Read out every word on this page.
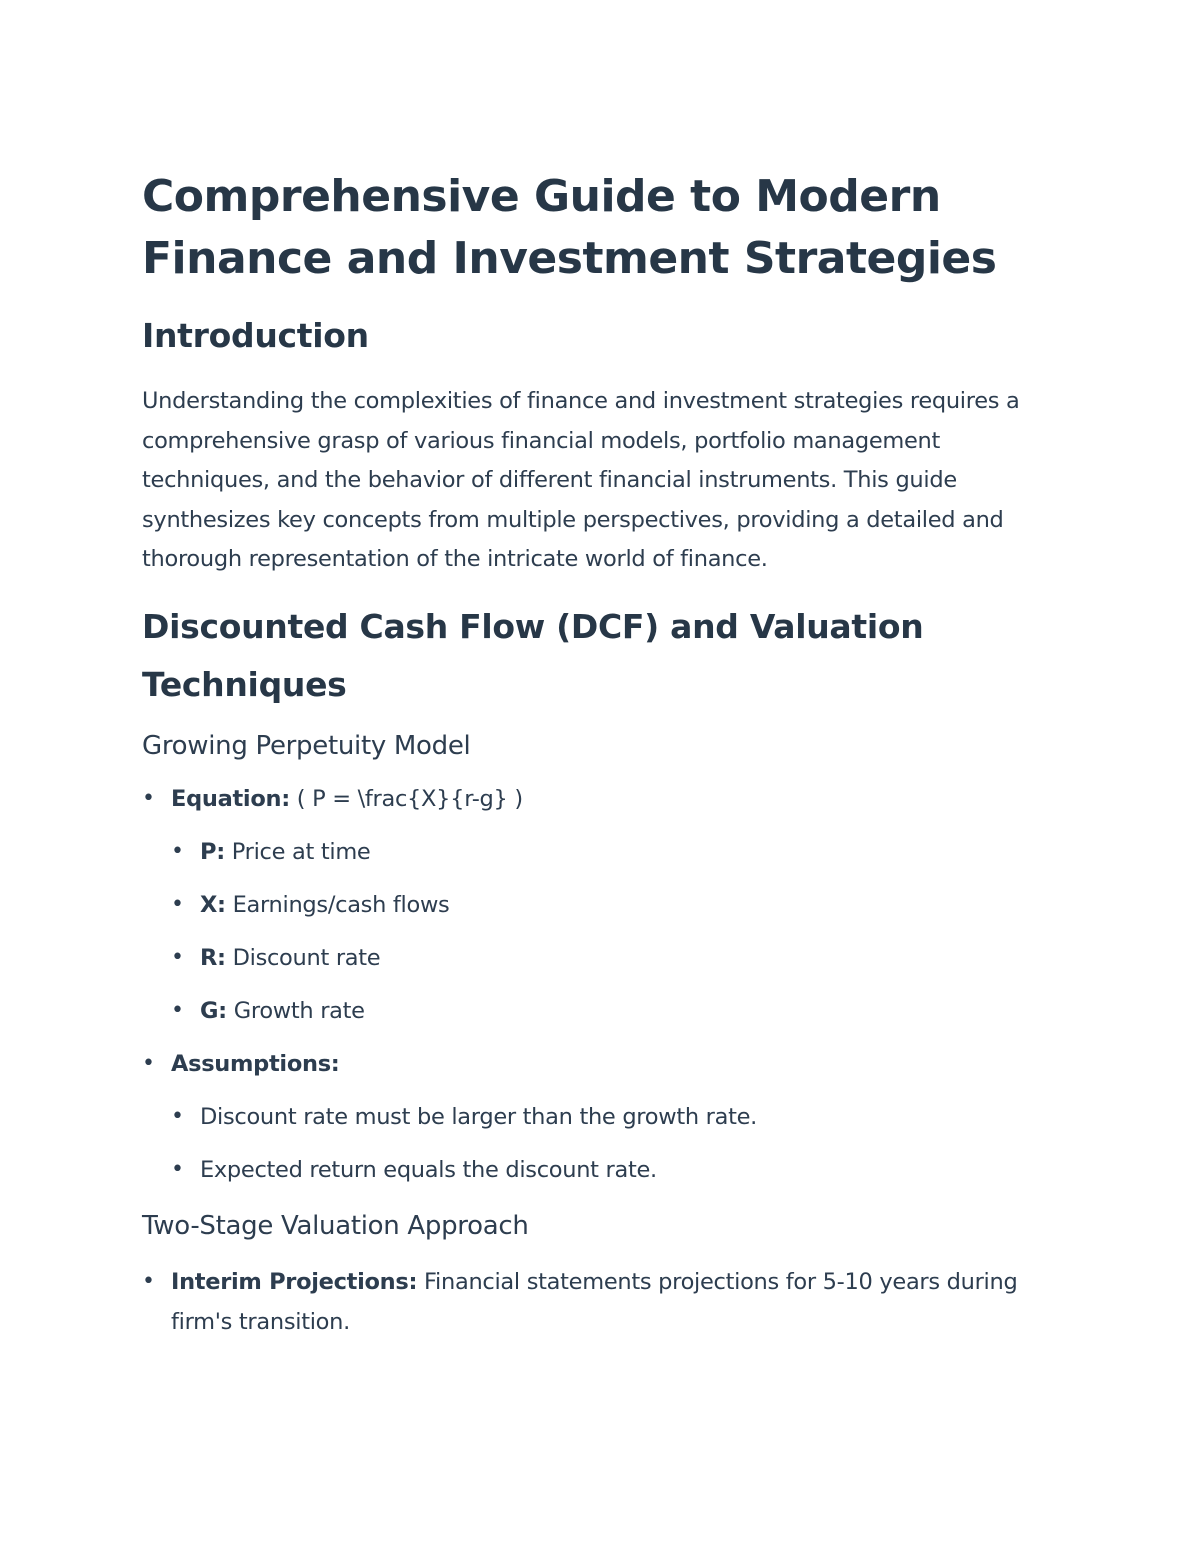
Comprehensive Guide to Modern Finance and Investment Strategies
Introduction

Understanding the complexities of finance and investment strategies requires a comprehensive grasp of various financial models, portfolio management techniques, and the behavior of different financial instruments. This guide synthesizes key concepts from multiple perspectives, providing a detailed and thorough representation of the intricate world of finance.

Discounted Cash Flow (DCF) and Valuation Techniques
Growing Perpetuity Model
• Equation: ( P = \frac{X}{r-g} )
• P: Price at time
• X: Earnings/cash flows
• R: Discount rate
• G: Growth rate
• Assumptions:
• Discount rate must be larger than the growth rate.
• Expected return equals the discount rate.
Two-Stage Valuation Approach
• Interim Projections: Financial statements projections for 5-10 years during firm's transition.
